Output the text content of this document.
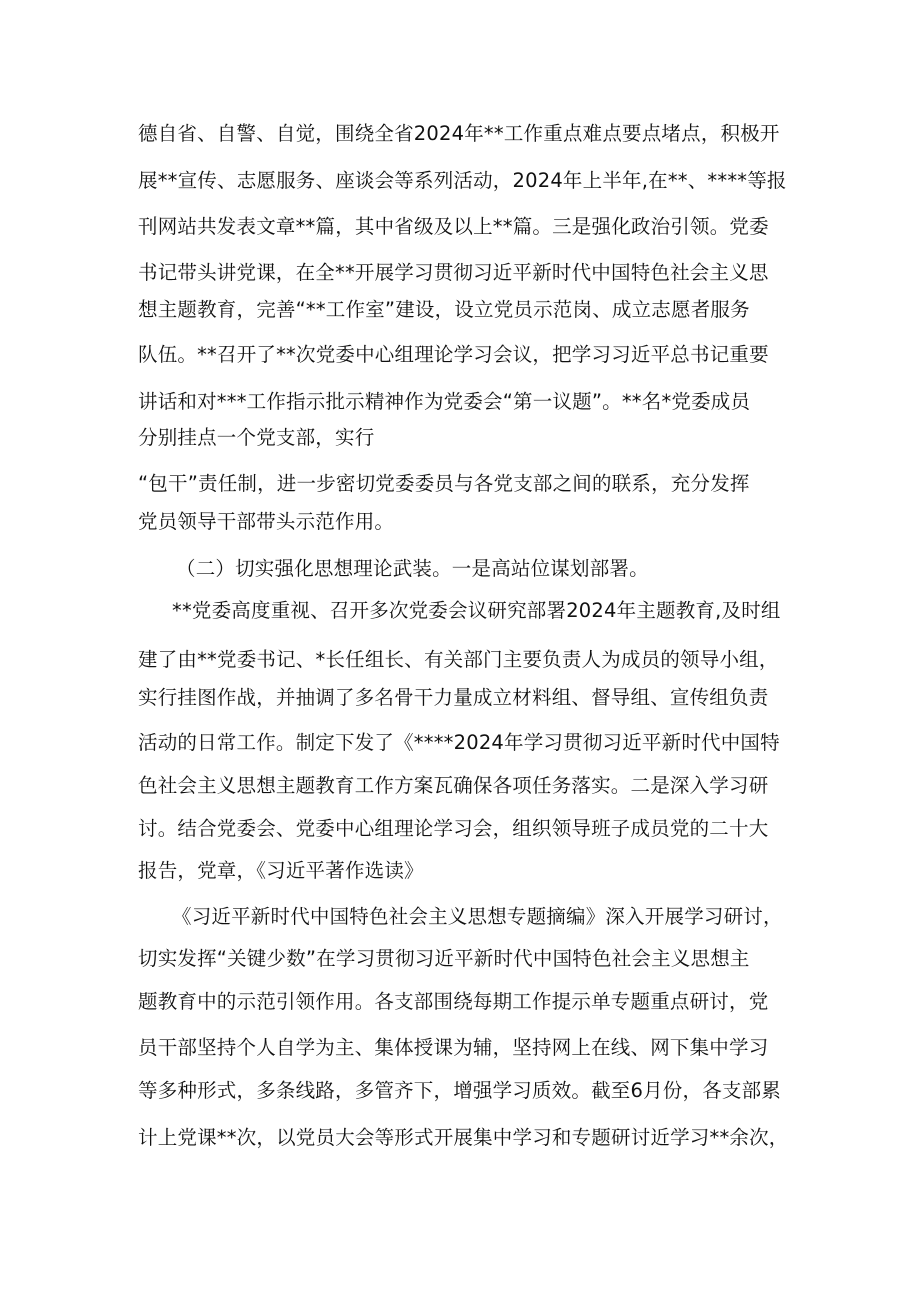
德自省、自警、自觉，围绕全省2024年**工作重点难点要点堵点，积极开
展**宣传、志愿服务、座谈会等系列活动，2024年上半年,在**、****等报
刊网站共发表文章**篇，其中省级及以上**篇。三是强化政治引领。党委
书记带头讲党课，在全**开展学习贯彻习近平新时代中国特色社会主义思
想主题教育，完善“**工作室”建设，设立党员示范岗、成立志愿者服务
队伍。**召开了**次党委中心组理论学习会议，把学习习近平总书记重要
讲话和对***工作指示批示精神作为党委会“第一议题”。**名*党委成员
分别挂点一个党支部，实行
“包干”责任制，进一步密切党委委员与各党支部之间的联系，充分发挥
党员领导干部带头示范作用。
（二）切实强化思想理论武装。一是高站位谋划部署。
**党委高度重视、召开多次党委会议研究部署2024年主题教育,及时组
建了由**党委书记、*长任组长、有关部门主要负责人为成员的领导小组，
实行挂图作战，并抽调了多名骨干力量成立材料组、督导组、宣传组负责
活动的日常工作。制定下发了《****2024年学习贯彻习近平新时代中国特
色社会主义思想主题教育工作方案瓦确保各项任务落实。二是深入学习研
讨。结合党委会、党委中心组理论学习会，组织领导班子成员党的二十大
报告，党章，《习近平著作选读》
《习近平新时代中国特色社会主义思想专题摘编》深入开展学习研讨，
切实发挥“关键少数”在学习贯彻习近平新时代中国特色社会主义思想主
题教育中的示范引领作用。各支部围绕每期工作提示单专题重点研讨，党
员干部坚持个人自学为主、集体授课为辅，坚持网上在线、网下集中学习
等多种形式，多条线路，多管齐下，增强学习质效。截至6月份，各支部累
计上党课**次，以党员大会等形式开展集中学习和专题研讨近学习**余次，
